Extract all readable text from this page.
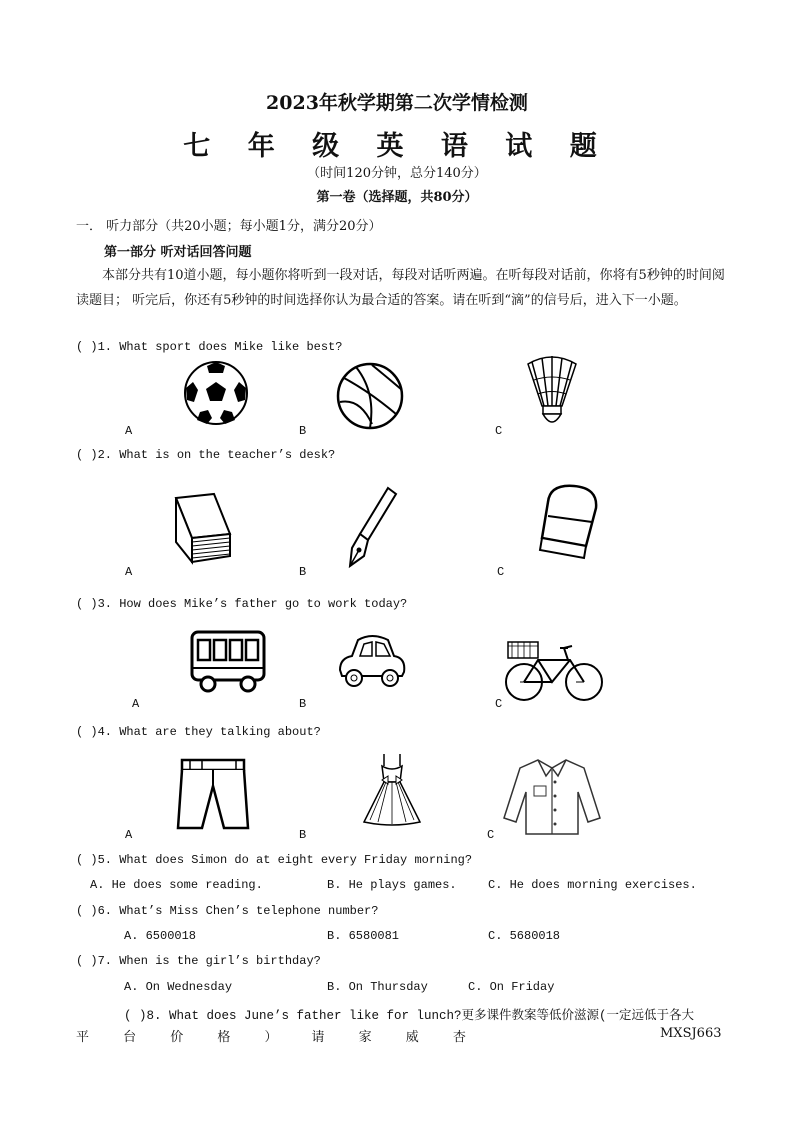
2023年秋学期第二次学情检测
七 年 级 英 语 试 题
（时间120分钟，总分140分）
第一卷（选择题，共80分）
一． 听力部分（共20小题；每小题1分，满分20分）
第一部分 听对话回答问题
本部分共有10道小题，每小题你将听到一段对话，每段对话听两遍。在听每段对话前，你将有5秒钟的时间阅读题目； 听完后，你还有5秒钟的时间选择你认为最合适的答案。请在听到“滴”的信号后，进入下一小题。
( )1. What sport does Mike like best?
A	B	C
( )2. What is on the teacher’s desk?
A	B	C
( )3. How does Mike’s father go to work today?
A	B	C
( )4. What are they talking about?
A	B	C
( )5. What does Simon do at eight every Friday morning?
A. He does some reading.	B. He plays games.	C. He does morning exercises.
( )6. What’s Miss Chen’s telephone number?
A. 6500018	B. 6580081	C. 5680018
( )7. When is the girl’s birthday?
A. On Wednesday	B. On Thursday	C. On Friday
( )8. What does June’s father like for lunch?更多课件教案等低价滋源(一定远低于各大
平	台	价	格	）	请	家	威	杏	MXSJ663
